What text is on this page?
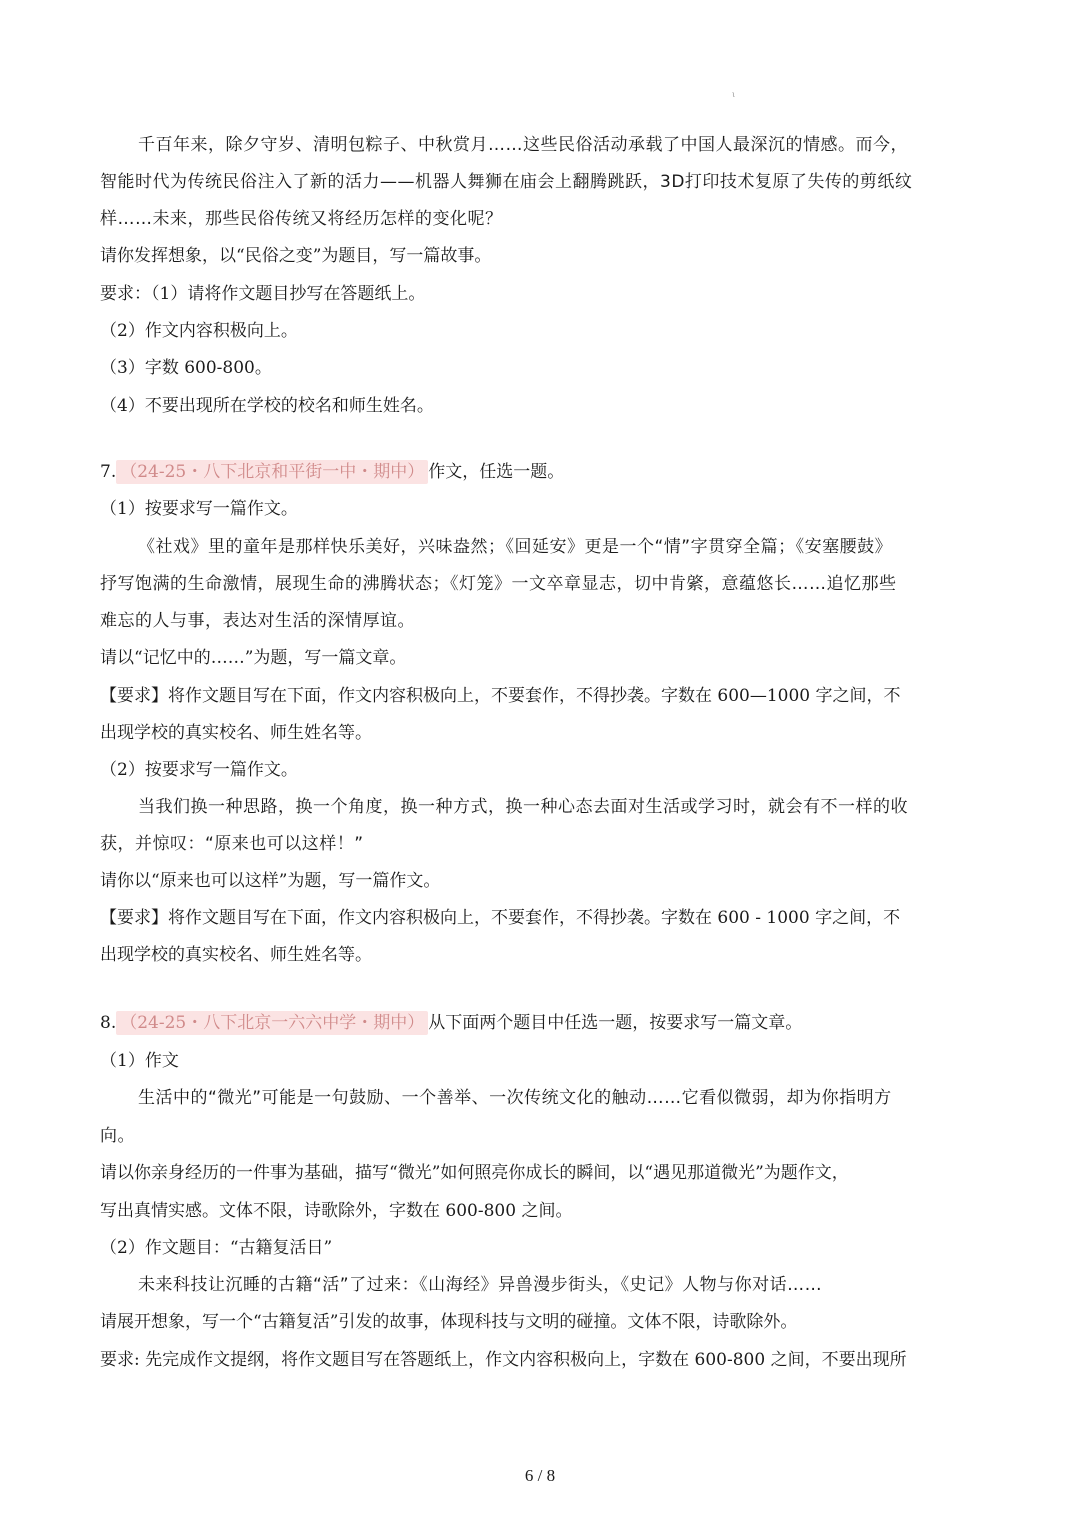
ι
千百年来，除夕守岁、清明包粽子、中秋赏月……这些民俗活动承载了中国人最深沉的情感。而今，
智能时代为传统民俗注入了新的活力——机器人舞狮在庙会上翻腾跳跃，3D打印技术复原了失传的剪纸纹
样……未来，那些民俗传统又将经历怎样的变化呢？
请你发挥想象，以“民俗之变”为题目，写一篇故事。
要求：（1）请将作文题目抄写在答题纸上。
（2）作文内容积极向上。
（3）字数 600-800。
（4）不要出现所在学校的校名和师生姓名。
7. （24-25・八下北京和平街一中・期中） 作文，任选一题。
（1）按要求写一篇作文。
《社戏》里的童年是那样快乐美好，兴味盎然；《回延安》更是一个“情”字贯穿全篇；《安塞腰鼓》
抒写饱满的生命激情，展现生命的沸腾状态；《灯笼》一文卒章显志，切中肯綮，意蕴悠长……追忆那些
难忘的人与事，表达对生活的深情厚谊。
请以“记忆中的……”为题，写一篇文章。
【要求】将作文题目写在下面，作文内容积极向上，不要套作，不得抄袭。字数在 600—1000 字之间，不
出现学校的真实校名、师生姓名等。
（2）按要求写一篇作文。
当我们换一种思路，换一个角度，换一种方式，换一种心态去面对生活或学习时，就会有不一样的收
获，并惊叹：“原来也可以这样！”
请你以“原来也可以这样”为题，写一篇作文。
【要求】将作文题目写在下面，作文内容积极向上，不要套作，不得抄袭。字数在 600 - 1000 字之间，不
出现学校的真实校名、师生姓名等。
8. （24-25・八下北京一六六中学・期中） 从下面两个题目中任选一题，按要求写一篇文章。
（1）作文
生活中的“微光”可能是一句鼓励、一个善举、一次传统文化的触动……它看似微弱，却为你指明方
向。
请以你亲身经历的一件事为基础，描写“微光”如何照亮你成长的瞬间，以“遇见那道微光”为题作文，
写出真情实感。文体不限，诗歌除外，字数在 600-800 之间。
（2）作文题目：“古籍复活日”
未来科技让沉睡的古籍“活”了过来：《山海经》异兽漫步街头，《史记》人物与你对话……
请展开想象，写一个“古籍复活”引发的故事，体现科技与文明的碰撞。文体不限，诗歌除外。
要求: 先完成作文提纲，将作文题目写在答题纸上，作文内容积极向上，字数在 600-800 之间，不要出现所
6 / 8
